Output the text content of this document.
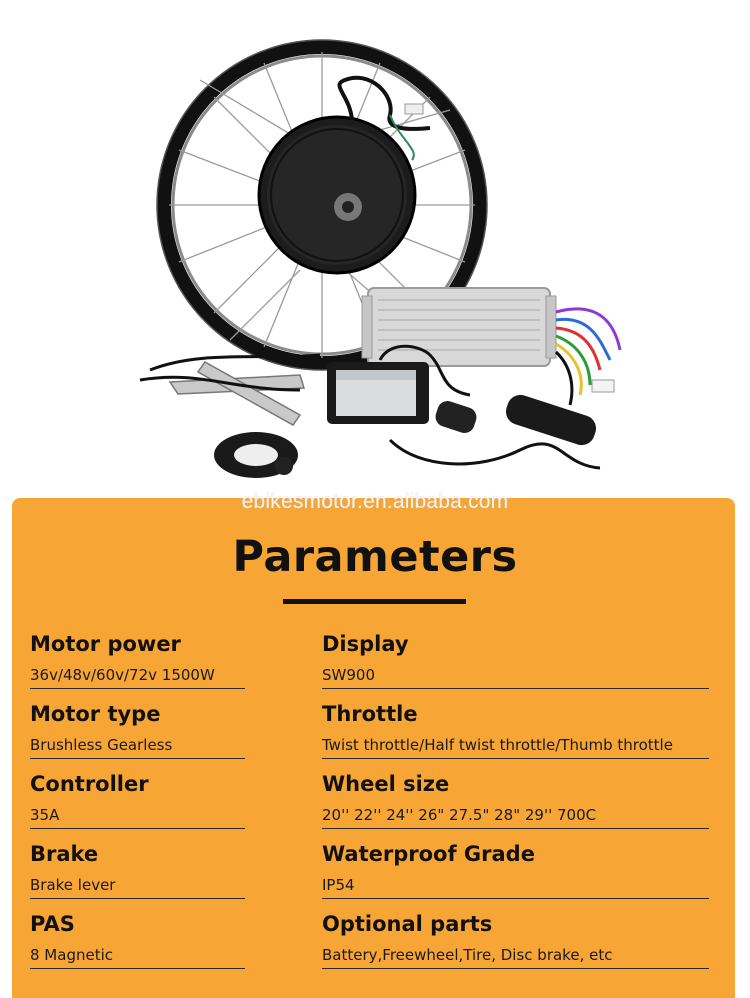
ebikesmotor.en.alibaba.com
Parameters
Motor power
36v/48v/60v/72v 1500W
Motor type
Brushless Gearless
Controller
35A
Brake
Brake lever
PAS
8 Magnetic
Display
SW900
Throttle
Twist throttle/Half twist throttle/Thumb throttle
Wheel size
20'' 22'' 24'' 26" 27.5" 28" 29'' 700C
Waterproof Grade
IP54
Optional parts
Battery,Freewheel,Tire, Disc brake, etc
